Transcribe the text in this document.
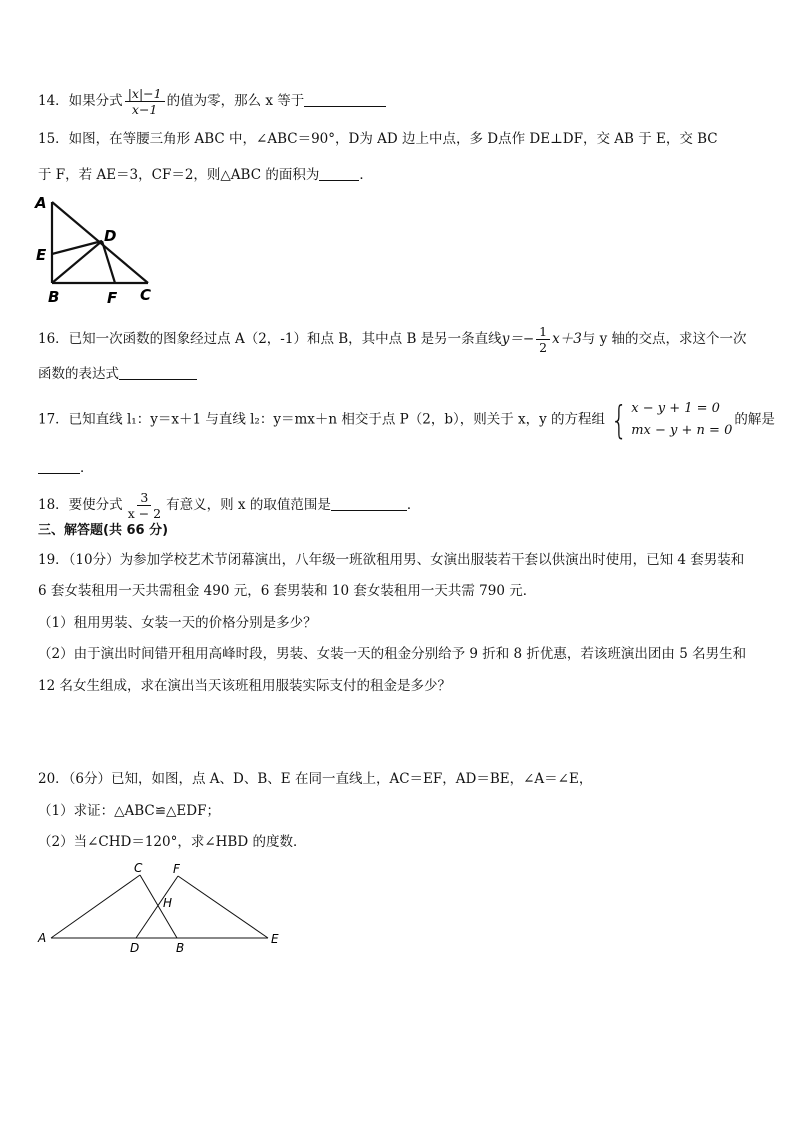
14．如果分式 $\frac{|x|-1}{x-1}$ 的值为零，那么 x 等于
15．如图，在等腰三角形 ABC 中，∠ABC＝90°，D为 AD 边上中点，多 D点作 DE⊥DF，交 AB 于 E，交 BC
于 F，若 AE＝3，CF＝2，则△ABC 的面积为	．
A
E
D
B	F C
16．已知一次函数的图象经过点 A（2，-1）和点 B，其中点 B 是另一条直线$y=- \frac{1}{2} x+3$与 y 轴的交点，求这个一次
函数的表达式
17．已知直线 l₁：y＝x＋1 与直线 l₂：y＝mx＋n 相交于点 P（2，b），则关于 x，y 的方程组 { x − y + 1 = 0
mx − y + n = 0
的解是
．
18．要使分式 $\frac{3}{x - 2}$ 有意义，则 x 的取值范围是	．
三、解答题(共 66 分)
19．（10分）为参加学校艺术节闭幕演出，八年级一班欲租用男、女演出服装若干套以供演出时使用，已知 4 套男装和
6 套女装租用一天共需租金 490 元，6 套男装和 10 套女装租用一天共需 790 元．
（1）租用男装、女装一天的价格分别是多少？
（2）由于演出时间错开租用高峰时段，男装、女装一天的租金分别给予 9 折和 8 折优惠，若该班演出团由 5 名男生和
12 名女生组成，求在演出当天该班租用服装实际支付的租金是多少？
20．（6分）已知，如图，点 A、D、B、E 在同一直线上，AC＝EF，AD＝BE，∠A＝∠E，
（1）求证：△ABC≌△EDF；
（2）当∠CHD＝120°，求∠HBD 的度数．
C	F
H
A
D	B
E
